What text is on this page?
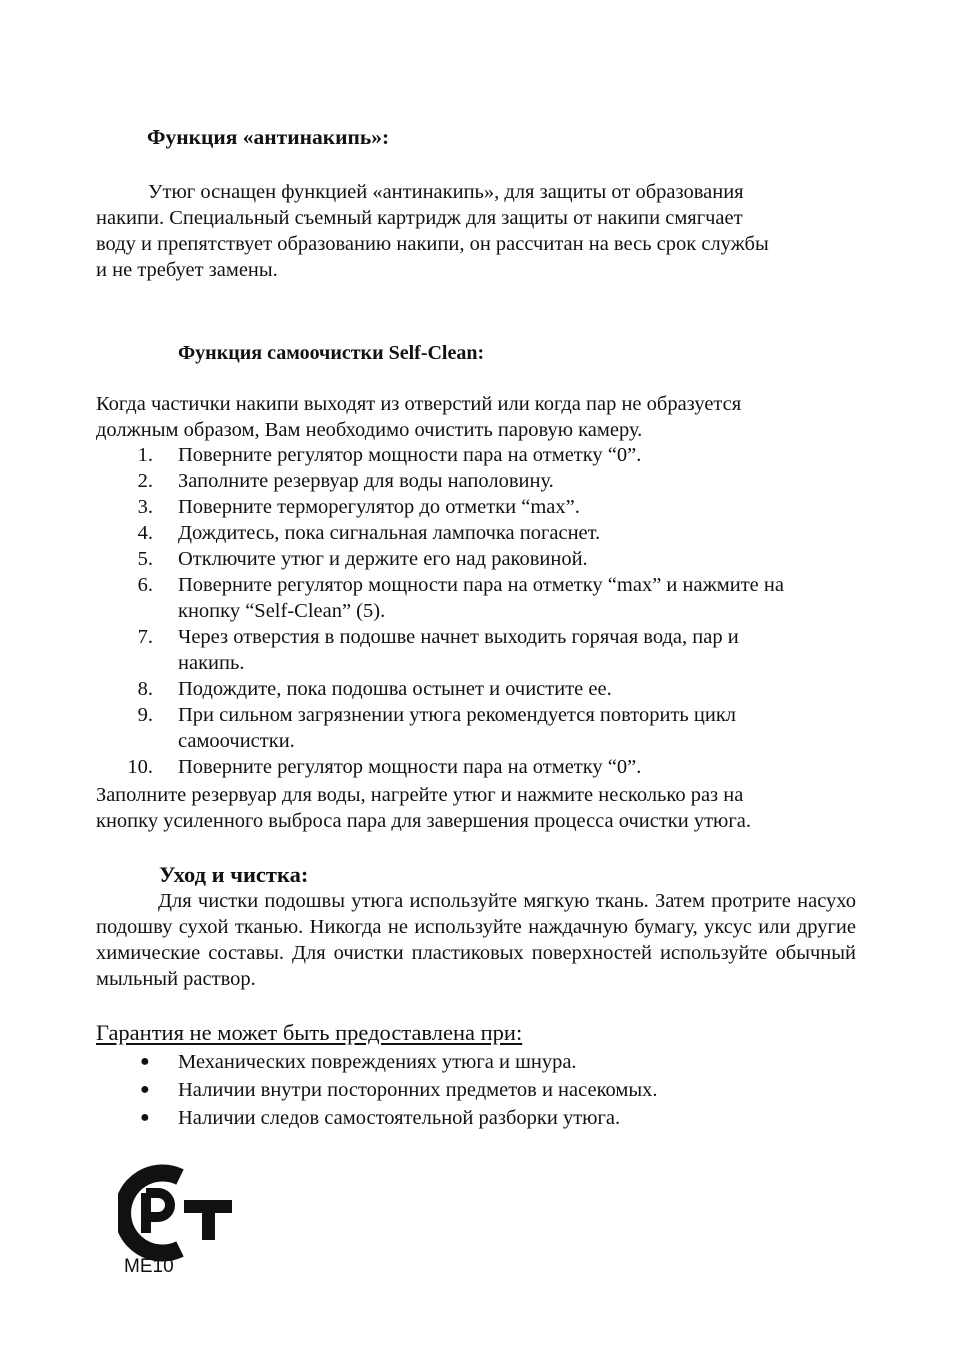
Функция «антинакипь»:
Утюг оснащен функцией «антинакипь», для защиты от образования
накипи. Специальный съемный картридж для защиты от накипи смягчает
воду и препятствует образованию накипи, он рассчитан на весь срок службы
и не требует замены.
Функция самоочистки Self-Clean:
Когда частички накипи выходят из отверстий или когда пар не образуется
должным образом, Вам необходимо очистить паровую камеру.
1. Поверните регулятор мощности пара на отметку “0”.
2. Заполните резервуар для воды наполовину.
3. Поверните терморегулятор до отметки “max”.
4. Дождитесь, пока сигнальная лампочка погаснет.
5. Отключите утюг и держите его над раковиной.
6. Поверните регулятор мощности пара на отметку “max” и нажмите на
кнопку “Self-Clean” (5).
7. Через отверстия в подошве начнет выходить горячая вода, пар и
накипь.
8. Подождите, пока подошва остынет и очистите ее.
9. При сильном загрязнении утюга рекомендуется повторить цикл
самоочистки.
10. Поверните регулятор мощности пара на отметку “0”.
Заполните резервуар для воды, нагрейте утюг и нажмите несколько раз на
кнопку усиленного выброса пара для завершения процесса очистки утюга.
Уход и чистка:

Для чистки подошвы утюга используйте мягкую ткань. Затем протрите насухо подошву сухой тканью. Никогда не используйте наждачную бумагу, уксус или другие химические составы. Для очистки пластиковых поверхностей используйте обычный мыльный раствор.

Гарантия не может быть предоставлена при:
● Механических повреждениях утюга и шнура.
● Наличии внутри посторонних предметов и насекомых.
● Наличии следов самостоятельной разборки утюга.
ME10
